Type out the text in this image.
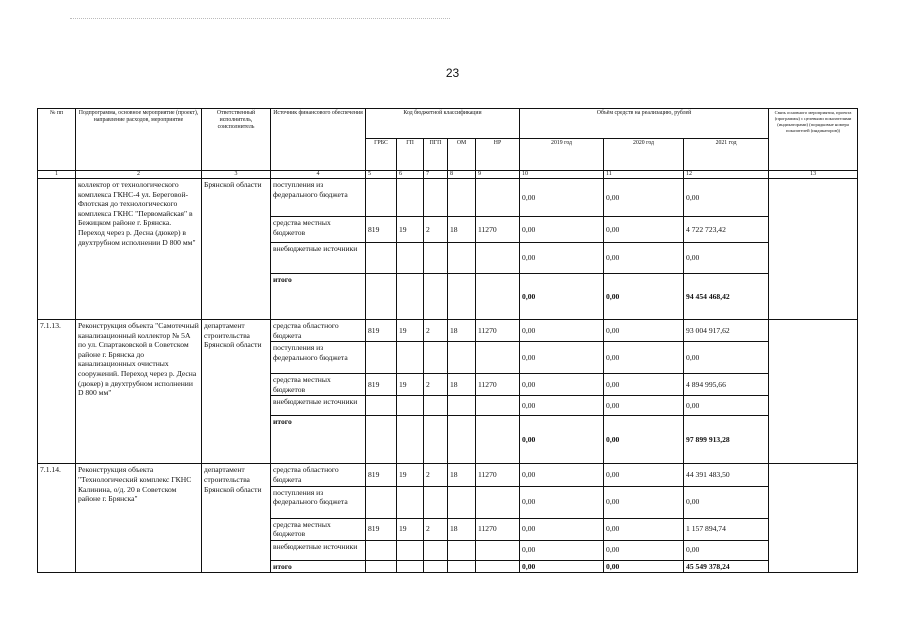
23
№ пп	Подпрограмма, основное мероприятие (проект), направление расходов, мероприятие	Ответственный исполнитель, соисполнитель	Источник финансового обеспечения	Код бюджетной классификации					Объём средств на реализацию, рублей			Связь основного мероприятия, проекта (программы) с целевыми показателями (индикаторами) (порядковые номера показателей (индикаторов))
				ГРБС	ГП	ПГП	ОМ	НР	2019 год	2020 год	2021 год	
1	2	3	4	5	6	7	8	9	10	11	12	13
	коллектор от технологического комплекса ГКНС-4 ул. Береговой-Флотская до технологического комплекса ГКНС "Первомайская" в Бежицком районе г. Брянска. Переход через р. Десна (дюкер) в двухтрубном исполнении D 800 мм"	Брянской области	поступления из федерального бюджета						0,00	0,00	0,00	
			средства местных бюджетов	819	19	2	18	11270	0,00	0,00	4 722 723,42	
			внебюджетные источники						0,00	0,00	0,00	
			итого						0,00	0,00	94 454 468,42	
7.1.13.	Реконструкция объекта "Самотечный канализационный коллектор № 5А по ул. Спартаковской в Советском районе г. Брянска до канализационных очистных сооружений. Переход через р. Десна (дюкер) в двухтрубном исполнении D 800 мм"	департамент строительства Брянской области	средства областного бюджета	819	19	2	18	11270	0,00	0,00	93 004 917,62	
			поступления из федерального бюджета						0,00	0,00	0,00	
			средства местных бюджетов	819	19	2	18	11270	0,00	0,00	4 894 995,66	
			внебюджетные источники						0,00	0,00	0,00	
			итого						0,00	0,00	97 899 913,28	
7.1.14.	Реконструкция объекта "Технологический комплекс ГКНС Калинина, о/д. 20 в Советском районе г. Брянска"	департамент строительства Брянской области	средства областного бюджета	819	19	2	18	11270	0,00	0,00	44 391 483,50	
			поступления из федерального бюджета						0,00	0,00	0,00	
			средства местных бюджетов	819	19	2	18	11270	0,00	0,00	1 157 894,74	
			внебюджетные источники						0,00	0,00	0,00	
			итого						0,00	0,00	45 549 378,24	
